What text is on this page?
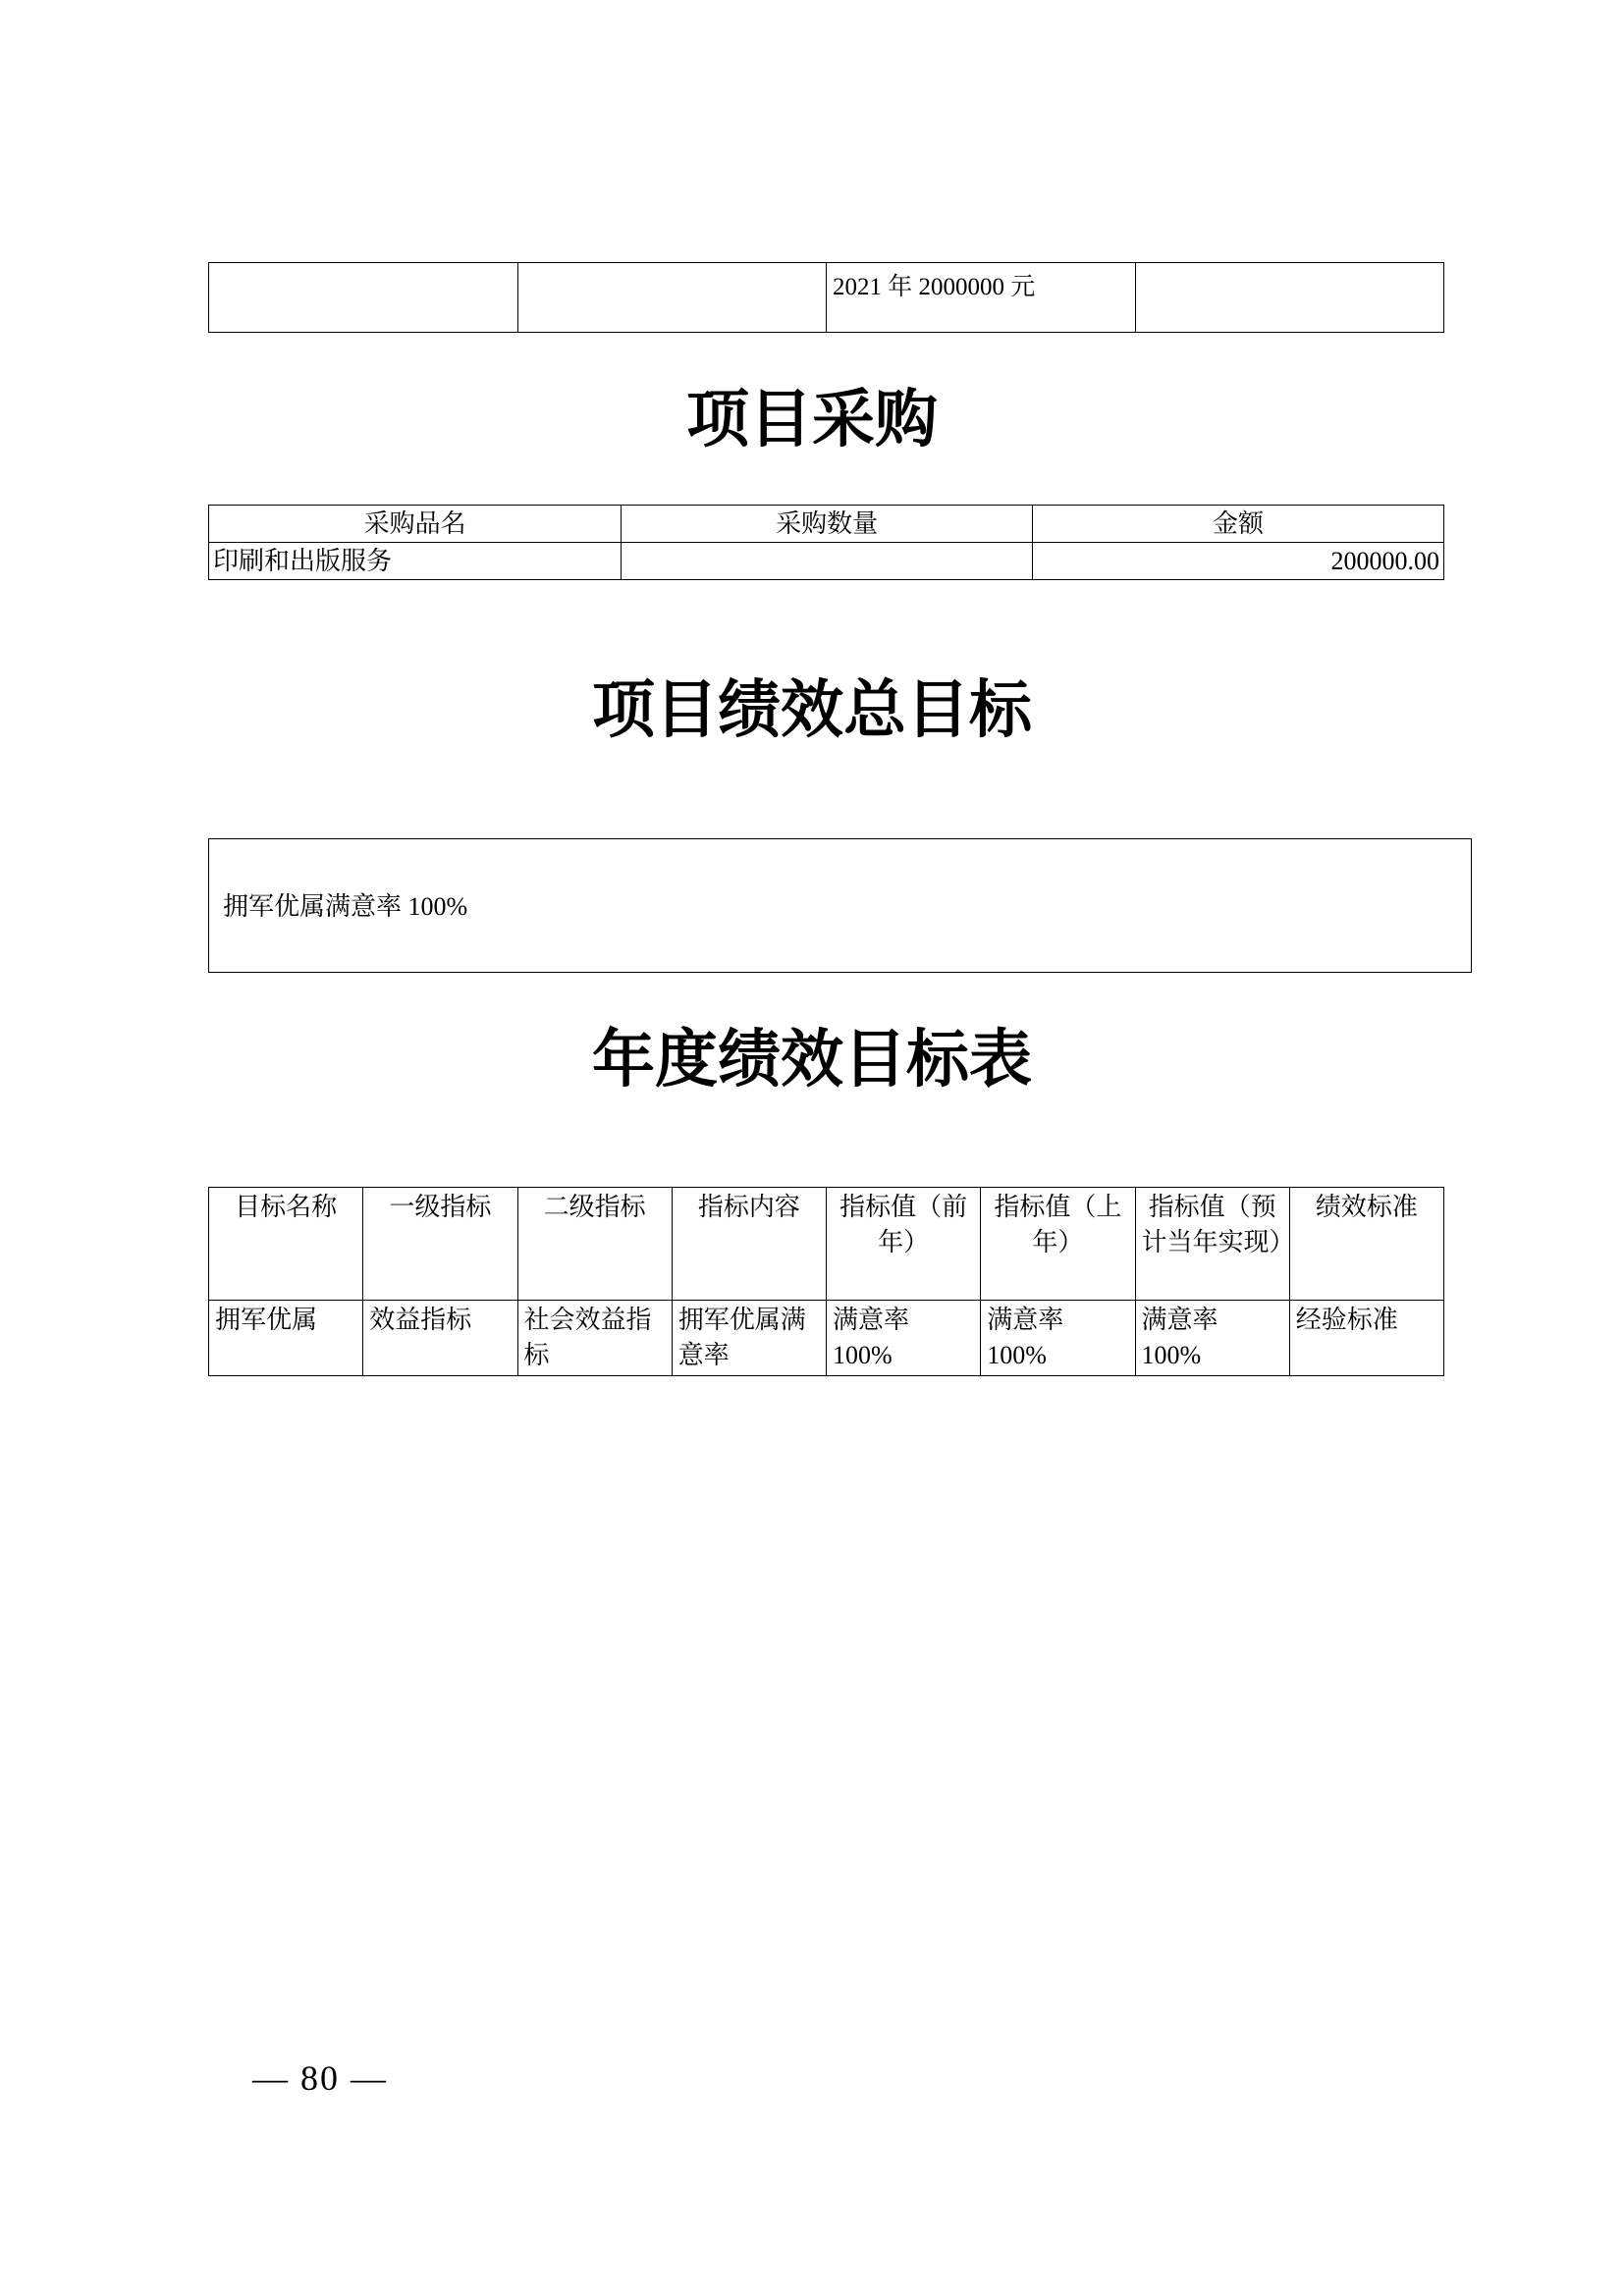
		2021 年 2000000 元	
项目采购
采购品名	采购数量	金额
印刷和出版服务		200000.00
项目绩效总目标
拥军优属满意率 100%
年度绩效目标表
目标名称	一级指标	二级指标	指标内容	指标值（前年）	指标值（上年）	指标值（预计当年实现）	绩效标准
拥军优属	效益指标	社会效益指标	拥军优属满意率	满意率 100%	满意率 100%	满意率 100%	经验标准
— 80 —
